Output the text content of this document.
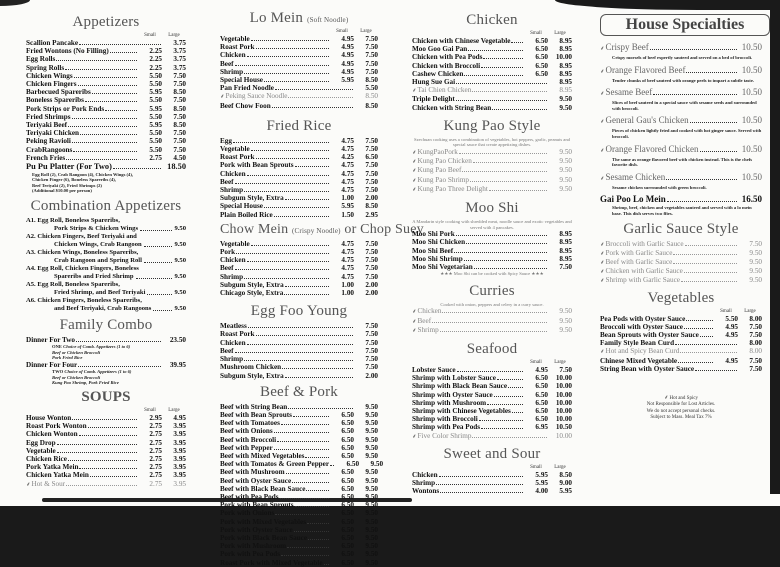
Appetizers
Small	Large
Scallion Pancake	3.75
Fried Wontons (No Filling)	2.25	3.75
Egg Rolls	2.25	3.75
Spring Rolls	2.25	3.75
Chicken Wings	5.50	7.50
Chicken Fingers	5.50	7.50
Barbecued Spareribs	5.95	8.50
Boneless Spareribs	5.50	7.50
Pork Strips or Pork Ends	5.95	8.50
Fried Shrimps	5.50	7.50
Teriyaki Beef	5.95	8.50
Teriyaki Chicken	5.50	7.50
Peking Ravioli	5.50	7.50
CrabRangoons	5.50	7.50
French Fries	2.75	4.50
Pu Pu Platter (For Two)	18.50
Egg Roll (2), Crab Rangoon (4), Chicken Wings (4),
Chicken Finger (6), Boneless Spareribs (4),
Beef Teriyaki (2), Fried Shrimps (2)
(Additional $10.00 per person)
Combination Appetizers
A1. Egg Roll, Boneless Spareribs,
Pork Strips & Chicken Wings	9.50
A2. Chicken Fingers, Beef Teriyaki and
Chicken Wings, Crab Rangoon	9.50
A3. Chicken Wings, Boneless Spareribs,
Crab Rangoon and Spring Roll	9.50
A4. Egg Roll, Chicken Fingers, Boneless
Spareribs and Fried Shrimp	9.50
A5. Egg Roll, Boneless Spareribs,
Fried Shrimp, and Beef Teriyaki	9.50
A6. Chicken Fingers, Boneless Spareribs,
and Beef Teriyaki, Crab Rangoons	9.50
Family Combo
Dinner For Two	23.50
ONE Choice of Comb. Appetizers (1 to 6)
Beef or Chicken Broccoli
Pork Fried Rice

Dinner For Four	39.95
TWO Choice of Comb. Appetizers (1 to 6)
Beef or Chicken Broccoli
Kung Pao Shrimp, Pork Fried Rice

SOUPS
Small	Large
House Wonton	2.95	4.95
Roast Pork Wonton	2.75	3.95
Chicken Wonton	2.75	3.95
Egg Drop	2.75	3.95
Vegetable	2.75	3.95
Chicken Rice	2.75	3.95
Pork Yatka Mein	2.75	3.95
Chicken Yatka Mein	2.75	3.95
⸙ Hot & Sour	2.75	3.95
Lo Mein (Soft Noodle)
Small	Large
Vegetable	4.95	7.50
Roast Pork	4.95	7.50
Chicken	4.95	7.50
Beef	4.95	7.50
Shrimp	4.95	7.50
Special House	5.95	8.50
Pan Fried Noodle	5.50
⸙ Peking Sauce Noodle	8.50
Beef Chow Foon	8.50
Fried Rice
Egg	4.75	7.50
Vegetable	4.75	7.50
Roast Pork	4.25	6.50
Pork with Bean Sprouts	4.75	7.50
Chicken	4.75	7.50
Beef	4.75	7.50
Shrimp	4.75	7.50
Subgum Style, Extra	1.00	2.00
Special House	5.95	8.50
Plain Boiled Rice	1.50	2.95
Chow Mein (Crispy Noodle) or Chop Suey
Vegetable	4.75	7.50
Pork	4.75	7.50
Chicken	4.75	7.50
Beef	4.75	7.50
Shrimp	4.75	7.50
Subgum Style, Extra	1.00	2.00
Chicago Style, Extra	1.00	2.00
Egg Foo Young
Meatless	7.50
Roast Pork	7.50
Chicken	7.50
Beef	7.50
Shrimp	7.50
Mushroom Chicken	7.50
Subgum Style, Extra	2.00
Beef & Pork
Beef with String Bean	9.50
Beef with Bean Sprouts	6.50	9.50
Beef with Tomatoes	6.50	9.50
Beef with Onions	6.50	9.50
Beef with Broccoli	6.50	9.50
Beef with Pepper	6.50	9.50
Beef with Mixed Vegetables	6.50	9.50
Beef with Tomatos & Green Pepper	6.50	9.50
Beef with Mushroom	6.50	9.50
Beef with Oyster Sauce	6.50	9.50
Beef with Black Bean Sauce	6.50	9.50
Beef with Pea Pods	6.50	9.50
Pork with Bean Sprouts	6.50	9.50
Pork with Onions	6.50	9.50
Pork with Mixed Vegetables	6.50	9.50
Pork with Oyster Sauce	6.50	9.50
Pork with Black Bean Sauce	6.50	9.50
Pork with Mushroom	6.50	9.50
Pork with Pea Pods	6.50	9.50
Roast Pork with Mixed Vegetable	6.50	9.50
Chicken
Small	Large
Chicken with Chinese Vegetable	6.50	8.95
Moo Goo Gai Pan	6.50	8.95
Chicken with Pea Pods	6.50	10.00
Chicken with Broccoli	6.50	8.95
Cashew Chicken	6.50	8.95
Hung Sue Gai	8.95
⸙ Tai Chien Chicken	8.95
Triple Delight	9.50
Chicken with String Bean	9.50
Kung Pao Style
Szechuan cooking uses a combination of vegetables, hot peppers, garlic, peanuts and special sauce that create appetizing dishes.
⸙ KungPaoPork	9.50
⸙ Kung Pao Chicken	9.50
⸙ Kung Pao Beef	9.50
⸙ Kung Pao Shrimp	9.50
⸙ Kung Pao Three Delight	9.50
Moo Shi
A Mandarin style cooking with shredded meat, noodle sauce and exotic vegetables and served with 4 pancakes.
Moo Shi Pork	8.95
Moo Shi Chicken	8.95
Moo Shi Beef	8.95
Moo Shi Shrimp	8.95
Moo Shi Vegetarian	7.50
★★★ Moo Shi can be cooked with Spicy Sauce ★★★
Curries
Cooked with onion, peppers and celery in a curry sauce.
⸙ Chicken	9.50
⸙ Beef	9.50
⸙ Shrimp	9.50
Seafood
Small	Large
Lobster Sauce	4.95	7.50
Shrimp with Lobster Sauce	6.50	10.00
Shrimp with Black Bean Sauce	6.50	10.00
Shrimp with Oyster Sauce	6.50	10.00
Shrimp with Mushroom	6.50	10.00
Shrimp with Chinese Vegetables	6.50	10.00
Shrimp with Broccoli	6.50	10.00
Shrimp with Pea Pods	6.95	10.50
⸙ Five Color Shrimp	10.00
Sweet and Sour
Small	Large
Chicken	5.95	8.50
Shrimp	5.95	9.00
Wontons	4.00	5.95
House Specialties
⸙ Crispy Beef	10.50
Crispy morsels of beef expertly sauteed and served on a bed of broccoli.
⸙ Orange Flavored Beef	10.50
Tender chunks of beef sauteed with orange peels to impart a subtle taste.
⸙ Sesame Beef	10.50
Slices of beef sauteed in a special sauce with sesame seeds and surrounded with broccoli.
⸙ General Gau's Chicken	10.50
Pieces of chicken lightly fried and cooked with hot ginger sauce. Served with broccoli.
⸙ Orange Flavored Chicken	10.50
The same as orange flavored beef with chicken instead. This is the chefs favorite dish.
⸙ Sesame Chicken	10.50
Sesame chicken surrounded with green broccoli.
Gai Poo Lo Mein	16.50
Shrimp, beef, chicken and vegetables sauteed and served with a lo mein base. This dish serves two ffies.
Garlic Sauce Style
⸙ Broccoli with Garlic Sauce	7.50
⸙ Pork with Garlic Sauce	9.50
⸙ Beef with Garlic Sauce	9.50
⸙ Chicken with Garlic Sauce	9.50
⸙ Shrimp with Garlic Sauce	9.50
Vegetables
Small	Large
Pea Pods with Oyster Sauce	5.50	8.00
Broccoli with Oyster Sauce	4.95	7.50
Bean Sprouts with Oyster Sauce	4.95	7.50
Family Style Bean Curd	8.00
⸙ Hot and Spicy Bean Curd	8.00
Chinese Mixed Vegetable	4.95	7.50
String Bean with Oyster Sauce	7.50
⸙Hot and Spicy
Not Responsible for Lost Articles.
We do not accept personal checks.
Subject to Mass. Meal Tax 7%
